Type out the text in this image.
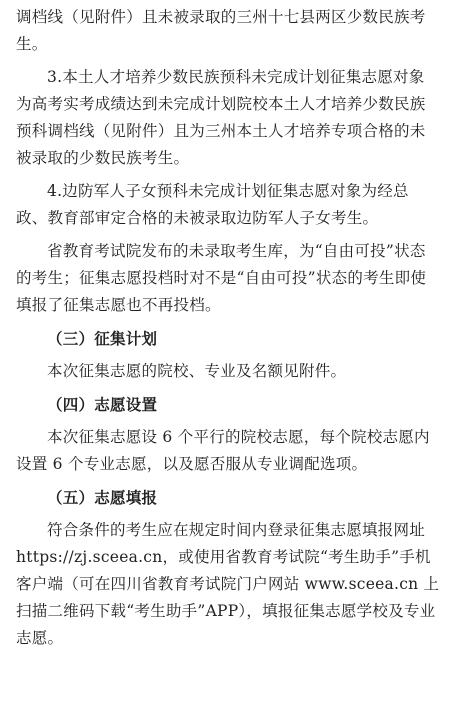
调档线（见附件）且未被录取的三州十七县两区少数民族考生。

3.本土人才培养少数民族预科未完成计划征集志愿对象为高考实考成绩达到未完成计划院校本土人才培养少数民族预科调档线（见附件）且为三州本土人才培养专项合格的未被录取的少数民族考生。

4.边防军人子女预科未完成计划征集志愿对象为经总政、教育部审定合格的未被录取边防军人子女考生。

省教育考试院发布的未录取考生库，为“自由可投”状态的考生；征集志愿投档时对不是“自由可投”状态的考生即使填报了征集志愿也不再投档。

（三）征集计划

本次征集志愿的院校、专业及名额见附件。

（四）志愿设置

本次征集志愿设 6 个平行的院校志愿，每个院校志愿内设置 6 个专业志愿，以及愿否服从专业调配选项。

（五）志愿填报

符合条件的考生应在规定时间内登录征集志愿填报网址 https://zj.sceea.cn，或使用省教育考试院“考生助手”手机客户端（可在四川省教育考试院门户网站 www.sceea.cn 上扫描二维码下载“考生助手”APP），填报征集志愿学校及专业志愿。
